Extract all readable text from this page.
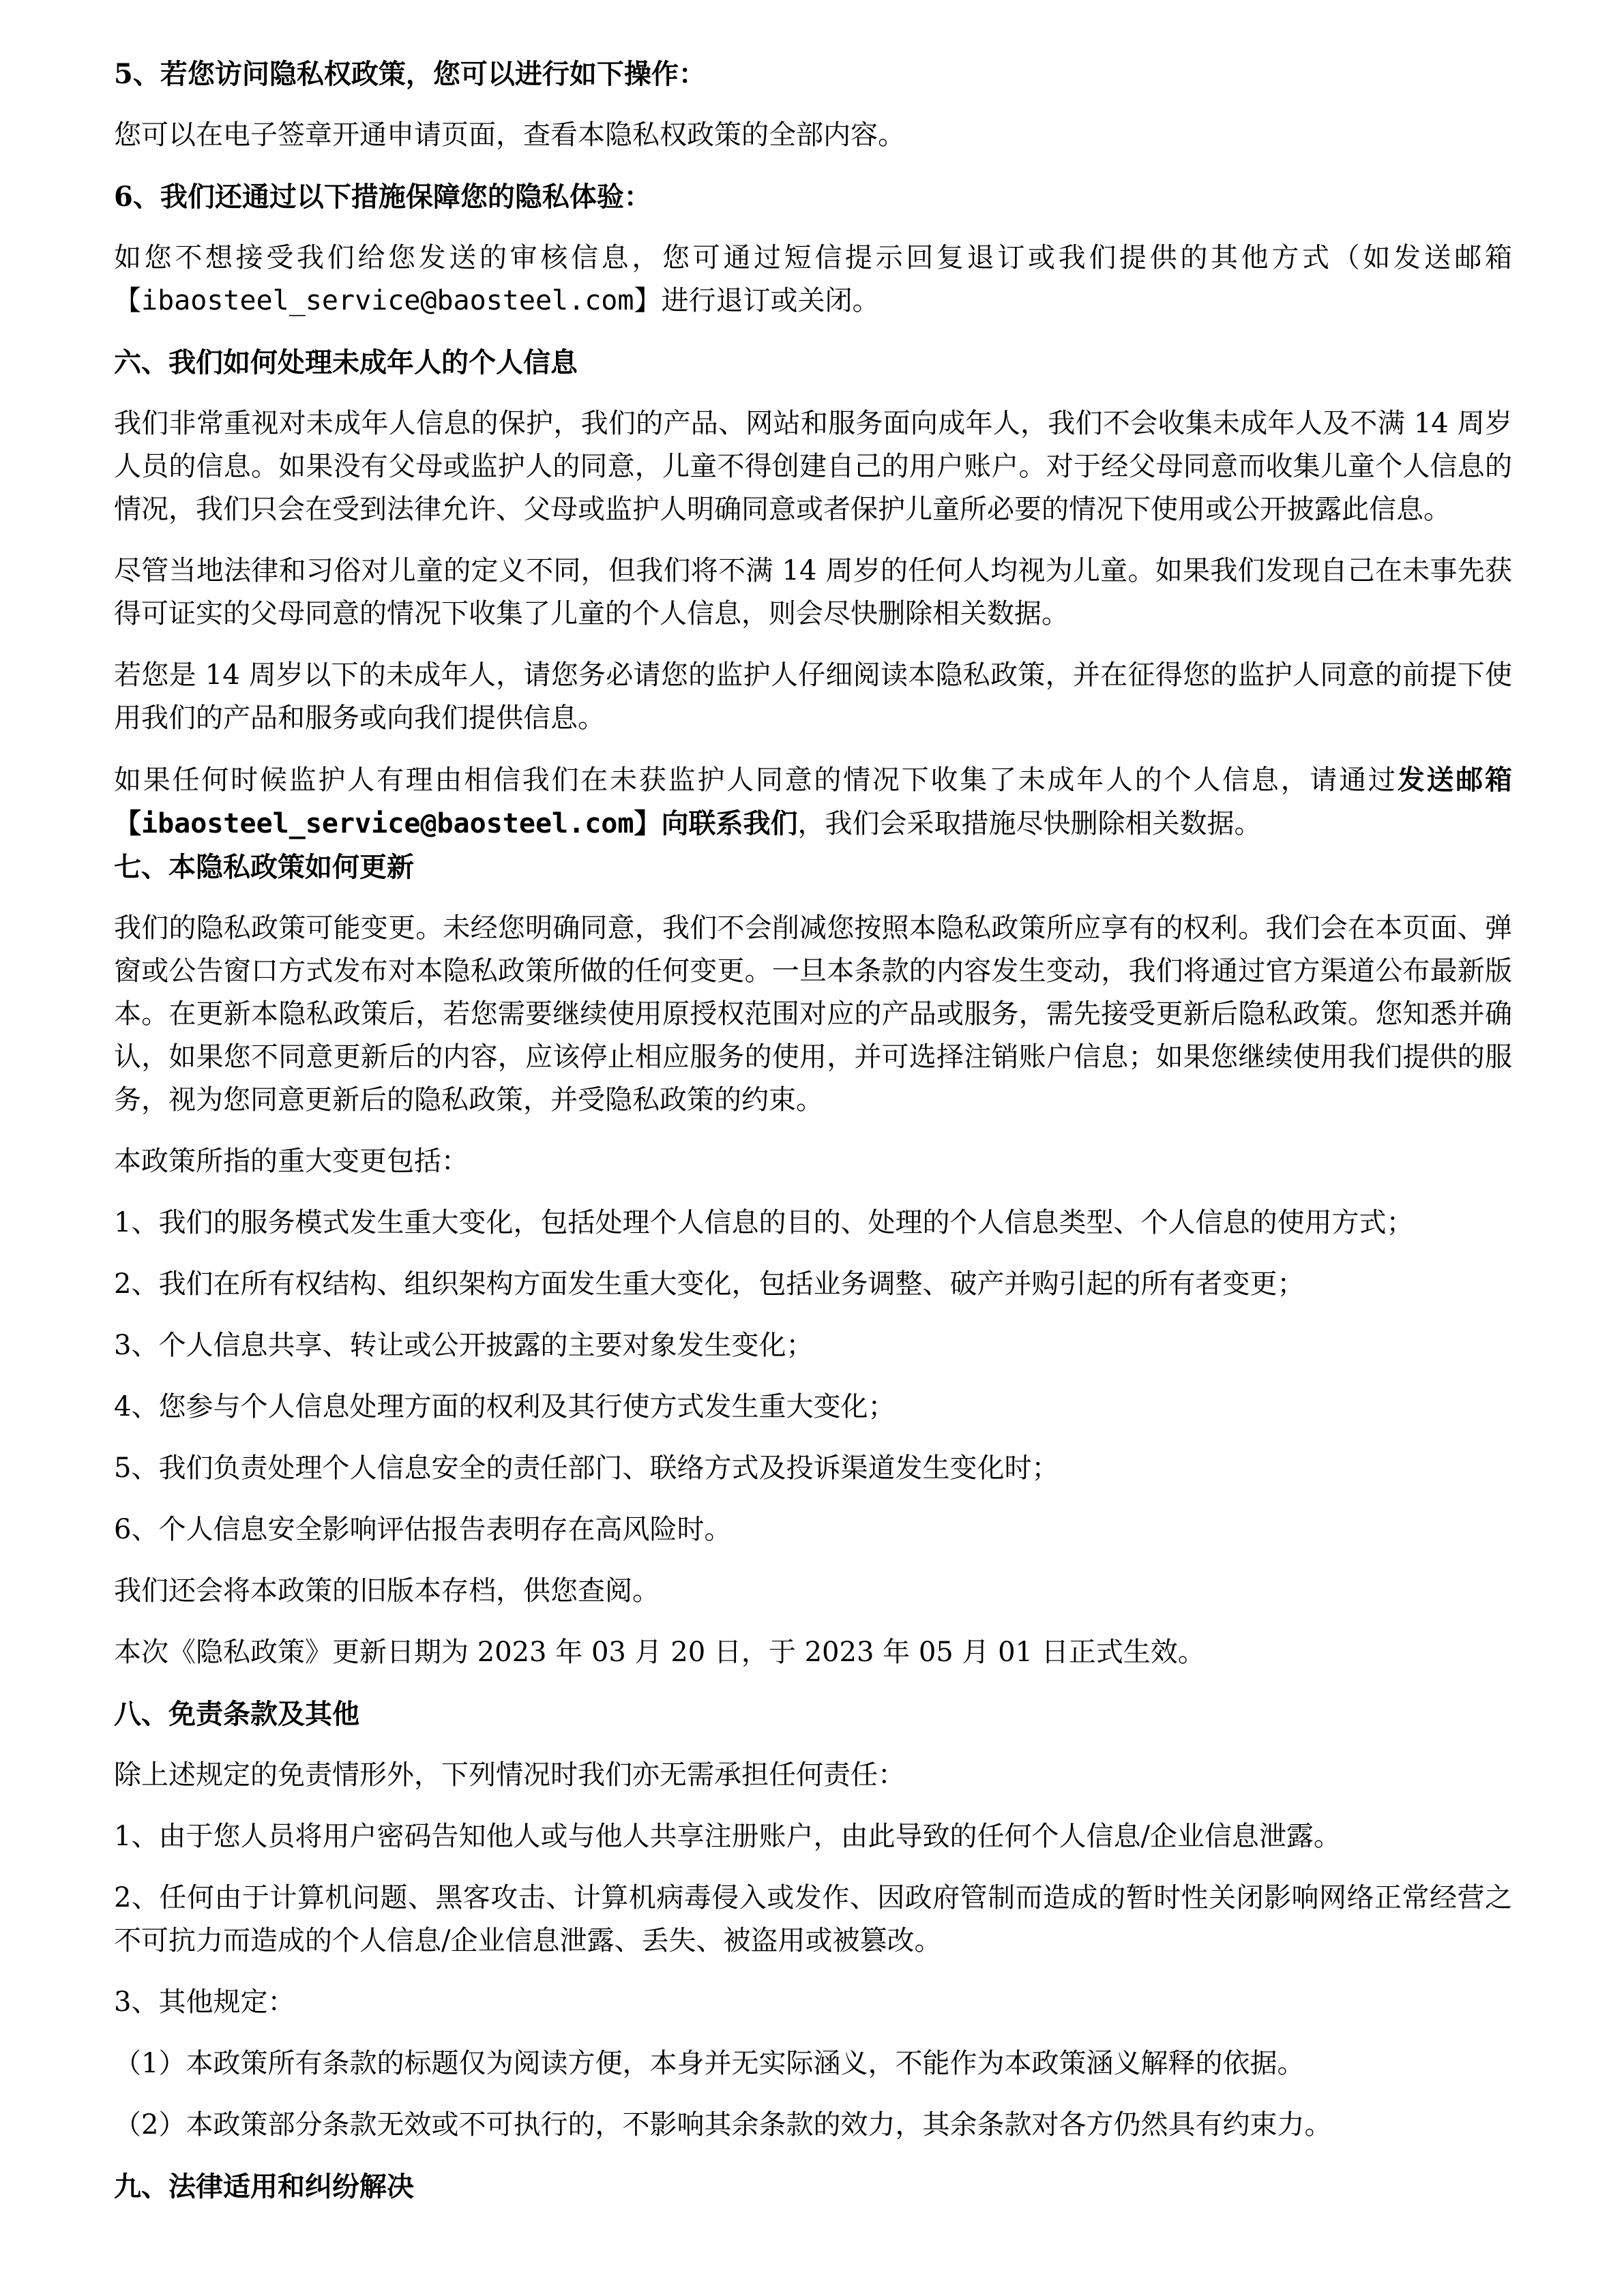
5、若您访问隐私权政策，您可以进行如下操作：

您可以在电子签章开通申请页面，查看本隐私权政策的全部内容。

6、我们还通过以下措施保障您的隐私体验：

如您不想接受我们给您发送的审核信息，您可通过短信提示回复退订或我们提供的其他方式（如发送邮箱【ibaosteel_service@baosteel.com】进行退订或关闭。

六、我们如何处理未成年人的个人信息

我们非常重视对未成年人信息的保护，我们的产品、网站和服务面向成年人，我们不会收集未成年人及不满 14 周岁人员的信息。如果没有父母或监护人的同意，儿童不得创建自己的用户账户。对于经父母同意而收集儿童个人信息的情况，我们只会在受到法律允许、父母或监护人明确同意或者保护儿童所必要的情况下使用或公开披露此信息。

尽管当地法律和习俗对儿童的定义不同，但我们将不满 14 周岁的任何人均视为儿童。如果我们发现自己在未事先获得可证实的父母同意的情况下收集了儿童的个人信息，则会尽快删除相关数据。

若您是 14 周岁以下的未成年人，请您务必请您的监护人仔细阅读本隐私政策，并在征得您的监护人同意的前提下使用我们的产品和服务或向我们提供信息。

如果任何时候监护人有理由相信我们在未获监护人同意的情况下收集了未成年人的个人信息，请通过发送邮箱【ibaosteel_service@baosteel.com】向联系我们，我们会采取措施尽快删除相关数据。

七、本隐私政策如何更新

我们的隐私政策可能变更。未经您明确同意，我们不会削减您按照本隐私政策所应享有的权利。我们会在本页面、弹窗或公告窗口方式发布对本隐私政策所做的任何变更。一旦本条款的内容发生变动，我们将通过官方渠道公布最新版本。在更新本隐私政策后，若您需要继续使用原授权范围对应的产品或服务，需先接受更新后隐私政策。您知悉并确认，如果您不同意更新后的内容，应该停止相应服务的使用，并可选择注销账户信息；如果您继续使用我们提供的服务，视为您同意更新后的隐私政策，并受隐私政策的约束。

本政策所指的重大变更包括：

1、我们的服务模式发生重大变化，包括处理个人信息的目的、处理的个人信息类型、个人信息的使用方式；

2、我们在所有权结构、组织架构方面发生重大变化，包括业务调整、破产并购引起的所有者变更；

3、个人信息共享、转让或公开披露的主要对象发生变化；

4、您参与个人信息处理方面的权利及其行使方式发生重大变化；

5、我们负责处理个人信息安全的责任部门、联络方式及投诉渠道发生变化时；

6、个人信息安全影响评估报告表明存在高风险时。

我们还会将本政策的旧版本存档，供您查阅。

本次《隐私政策》更新日期为 2023 年 03 月 20 日，于 2023 年 05 月 01 日正式生效。

八、免责条款及其他

除上述规定的免责情形外，下列情况时我们亦无需承担任何责任：

1、由于您人员将用户密码告知他人或与他人共享注册账户，由此导致的任何个人信息/企业信息泄露。

2、任何由于计算机问题、黑客攻击、计算机病毒侵入或发作、因政府管制而造成的暂时性关闭影响网络正常经营之不可抗力而造成的个人信息/企业信息泄露、丢失、被盗用或被篡改。

3、其他规定：

（1）本政策所有条款的标题仅为阅读方便，本身并无实际涵义，不能作为本政策涵义解释的依据。

（2）本政策部分条款无效或不可执行的，不影响其余条款的效力，其余条款对各方仍然具有约束力。

九、法律适用和纠纷解决
